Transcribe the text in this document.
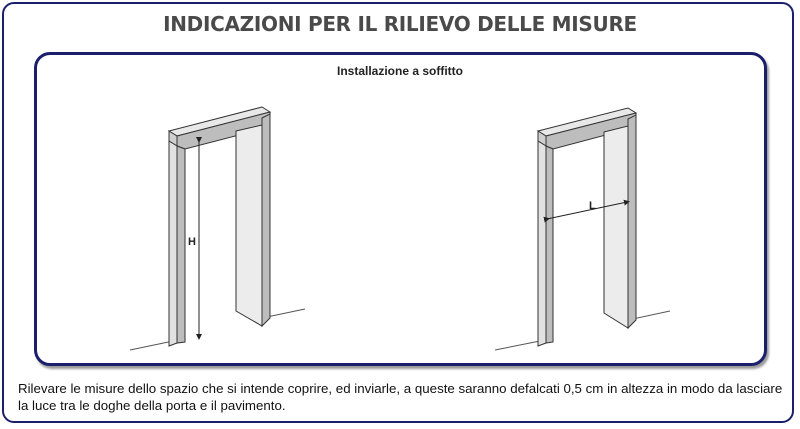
INDICAZIONI PER IL RILIEVO DELLE MISURE
Installazione a soffitto
H
L
Rilevare le misure dello spazio che si intende coprire, ed inviarle, a queste saranno defalcati 0,5 cm in altezza in modo da lasciare la luce tra le doghe della porta e il pavimento.
